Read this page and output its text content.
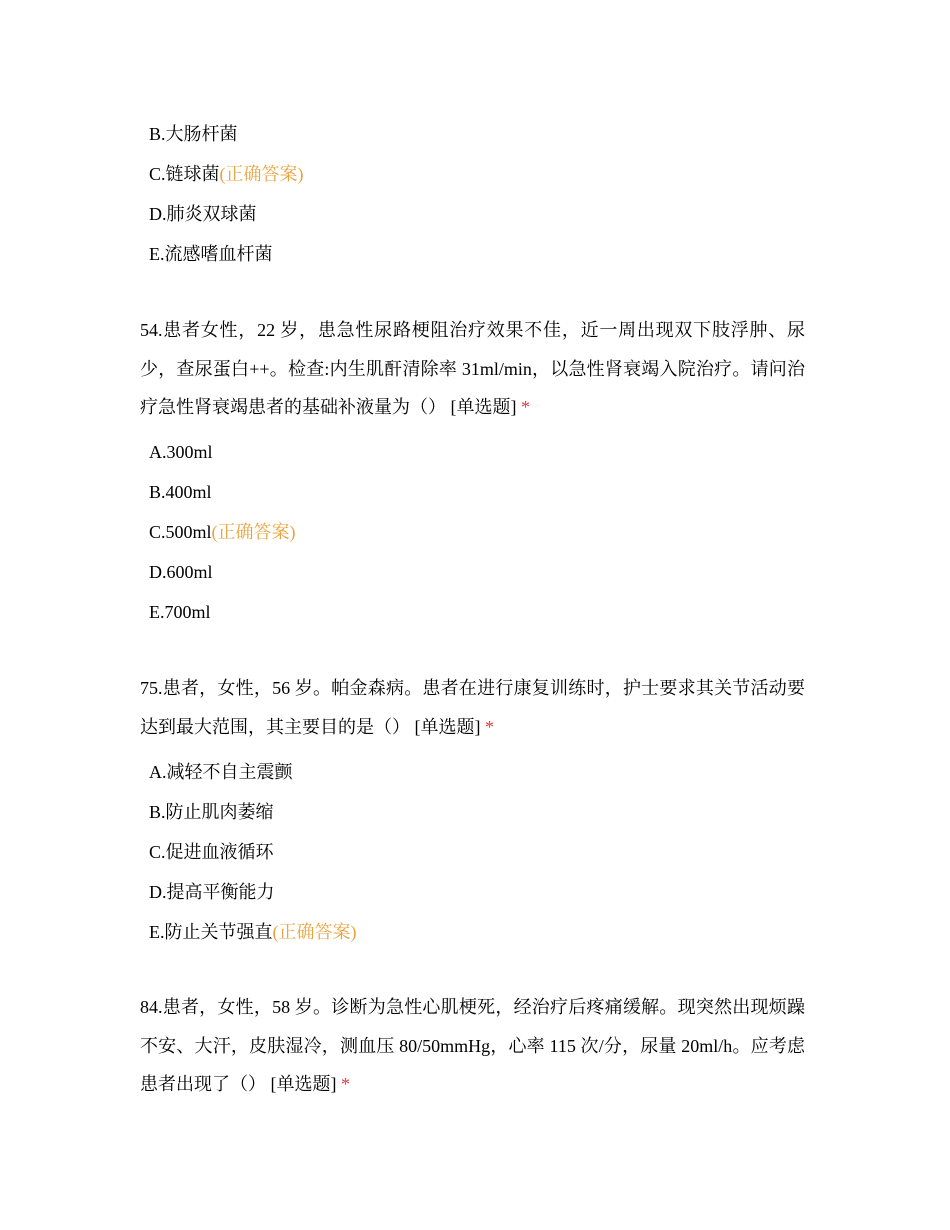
B.大肠杆菌
C.链球菌(正确答案)
D.肺炎双球菌
E.流感嗜血杆菌
54.患者女性，22 岁，患急性尿路梗阻治疗效果不佳，近一周出现双下肢浮肿、尿少，查尿蛋白++。检查:内生肌酐清除率 31ml/min，以急性肾衰竭入院治疗。请问治疗急性肾衰竭患者的基础补液量为（） [单选题] *
A.300ml
B.400ml
C.500ml(正确答案)
D.600ml
E.700ml
75.患者，女性，56 岁。帕金森病。患者在进行康复训练时，护士要求其关节活动要达到最大范围，其主要目的是（） [单选题] *
A.减轻不自主震颤
B.防止肌肉萎缩
C.促进血液循环
D.提高平衡能力
E.防止关节强直(正确答案)
84.患者，女性，58 岁。诊断为急性心肌梗死，经治疗后疼痛缓解。现突然出现烦躁不安、大汗，皮肤湿冷，测血压 80/50mmHg，心率 115 次/分，尿量 20ml/h。应考虑患者出现了（） [单选题] *
